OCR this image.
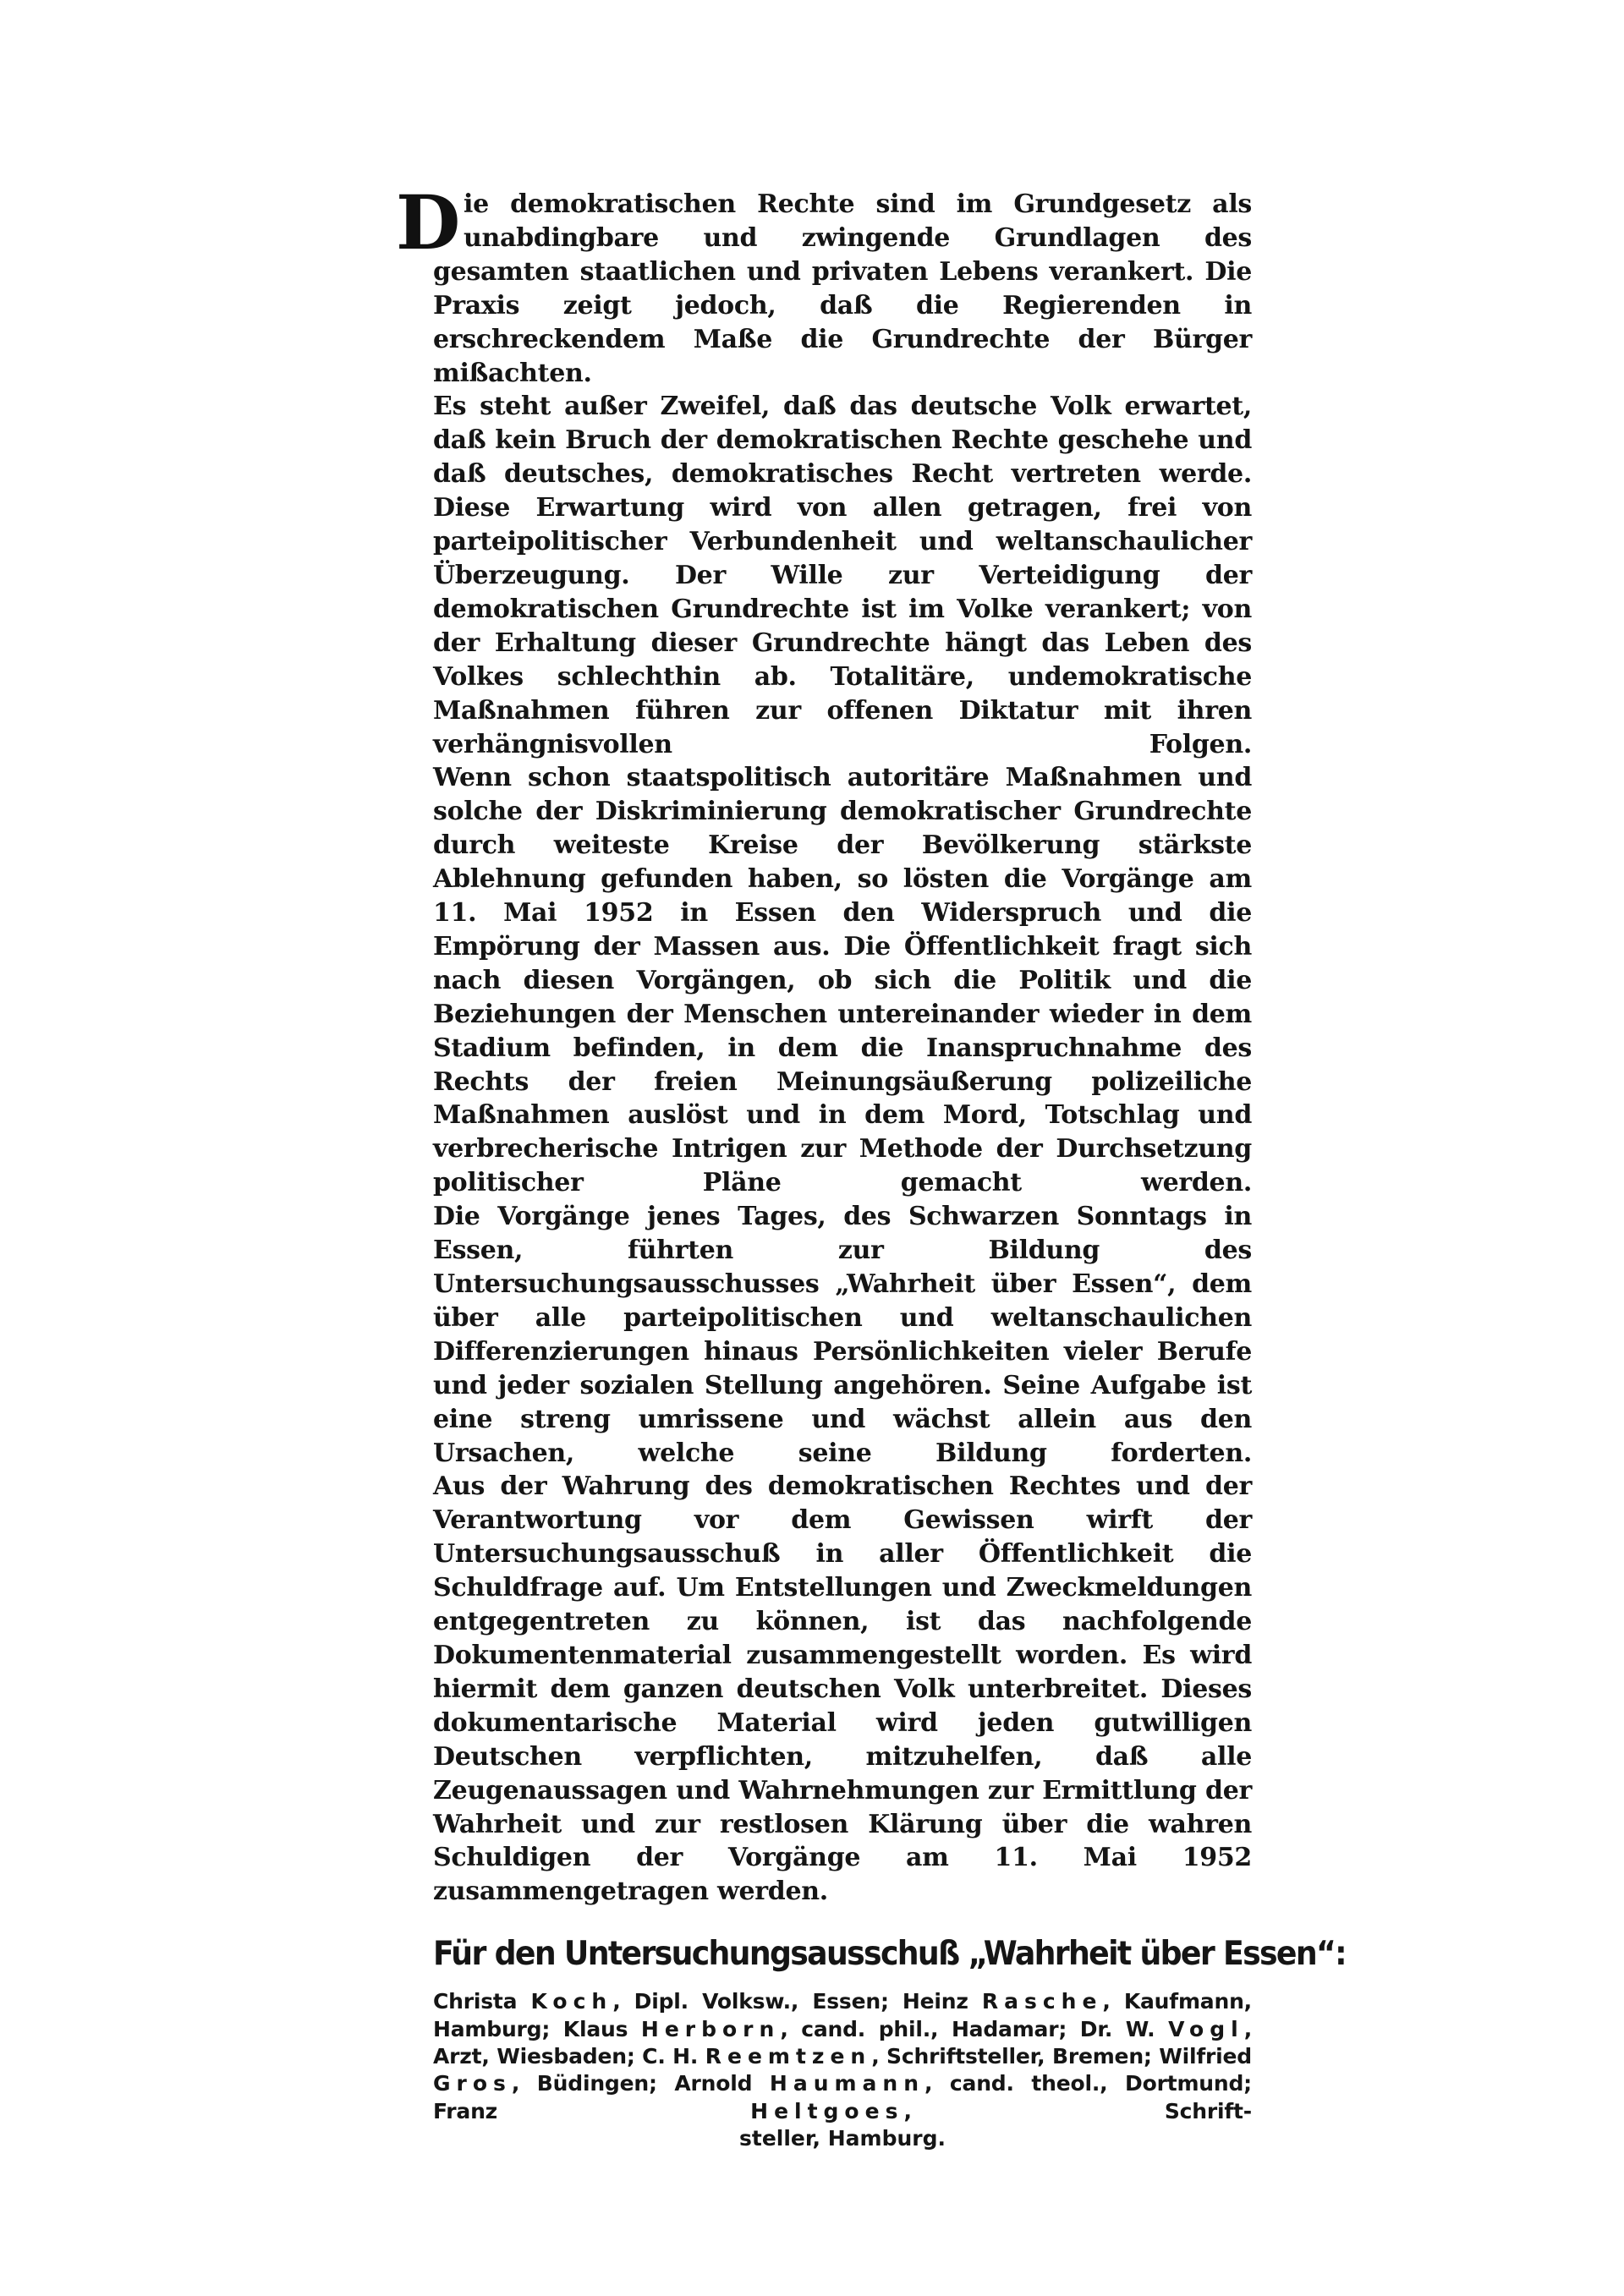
Die demokratischen Rechte sind im Grundgesetz als unabdingbare und zwingende Grundlagen des gesamten staatlichen und privaten Lebens verankert. Die Praxis zeigt jedoch, daß die Regierenden in erschreckendem Maße die Grundrechte der Bürger mißachten.

Es steht außer Zweifel, daß das deutsche Volk erwartet, daß kein Bruch der demokratischen Rechte geschehe und daß deutsches, demokratisches Recht vertreten werde. Diese Erwartung wird von allen getragen, frei von parteipolitischer Verbundenheit und weltanschaulicher Überzeugung. Der Wille zur Verteidigung der demokratischen Grundrechte ist im Volke verankert; von der Erhaltung dieser Grundrechte hängt das Leben des Volkes schlechthin ab. Totalitäre, undemokratische Maßnahmen führen zur offenen Diktatur mit ihren verhängnisvollen Folgen.

Wenn schon staatspolitisch autoritäre Maßnahmen und solche der Diskriminierung demokratischer Grundrechte durch weiteste Kreise der Bevölkerung stärkste Ablehnung gefunden haben, so lösten die Vorgänge am 11. Mai 1952 in Essen den Widerspruch und die Empörung der Massen aus. Die Öffentlichkeit fragt sich nach diesen Vorgängen, ob sich die Politik und die Beziehungen der Menschen untereinander wieder in dem Stadium befinden, in dem die Inanspruchnahme des Rechts der freien Meinungsäußerung polizeiliche Maßnahmen auslöst und in dem Mord, Totschlag und verbrecherische Intrigen zur Methode der Durchsetzung politischer Pläne gemacht werden.

Die Vorgänge jenes Tages, des Schwarzen Sonntags in Essen, führten zur Bildung des Untersuchungsausschusses „Wahrheit über Essen“, dem über alle parteipolitischen und weltanschaulichen Differenzierungen hinaus Persönlichkeiten vieler Berufe und jeder sozialen Stellung angehören. Seine Aufgabe ist eine streng umrissene und wächst allein aus den Ursachen, welche seine Bildung forderten.

Aus der Wahrung des demokratischen Rechtes und der Verantwortung vor dem Gewissen wirft der Untersuchungsausschuß in aller Öffentlichkeit die Schuldfrage auf. Um Entstellungen und Zweckmeldungen entgegentreten zu können, ist das nachfolgende Dokumentenmaterial zusammengestellt worden. Es wird hiermit dem ganzen deutschen Volk unterbreitet. Dieses dokumentarische Material wird jeden gutwilligen Deutschen verpflichten, mitzuhelfen, daß alle Zeugenaussagen und Wahrnehmungen zur Ermittlung der Wahrheit und zur restlosen Klärung über die wahren Schuldigen der Vorgänge am 11. Mai 1952 zusammengetragen werden.

Für den Untersuchungsausschuß „Wahrheit über Essen“:

Christa Koch, Dipl. Volksw., Essen; Heinz Rasche, Kaufmann, Hamburg; Klaus Herborn, cand. phil., Hadamar; Dr. W. Vogl, Arzt, Wiesbaden; C. H. Reemtzen, Schriftsteller, Bremen; Wilfried Gros, Büdingen; Arnold Haumann, cand. theol., Dortmund; Franz	Heltgoes, Schrift-

steller, Hamburg.
